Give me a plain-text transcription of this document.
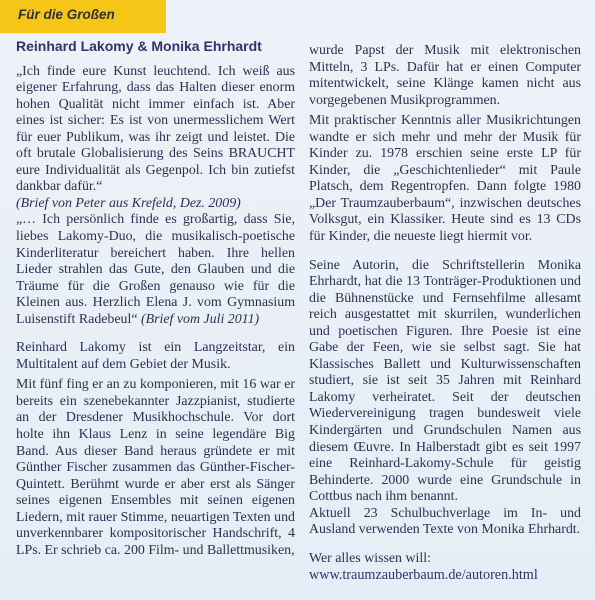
Für die Großen
Reinhard Lakomy & Monika Ehrhardt

„Ich finde eure Kunst leuchtend. Ich weiß aus eigener Erfahrung, dass das Halten dieser enorm hohen Qualität nicht immer einfach ist. Aber eines ist sicher: Es ist von unermesslichem Wert für euer Publikum, was ihr zeigt und leistet. Die oft brutale Globalisierung des Seins BRAUCHT eure Individualität als Gegenpol. Ich bin zutiefst dankbar dafür.“

(Brief von Peter aus Krefeld, Dez. 2009)

„… Ich persönlich finde es großartig, dass Sie, liebes Lakomy-Duo, die musikalisch-poetische Kinderliteratur bereichert haben. Ihre hellen Lieder strahlen das Gute, den Glauben und die Träume für die Großen genauso wie für die Kleinen aus. Herzlich Elena J. vom Gymnasium Luisenstift Radebeul“ (Brief vom Juli 2011)

Reinhard Lakomy ist ein Langzeitstar, ein Multitalent auf dem Gebiet der Musik.

Mit fünf fing er an zu komponieren, mit 16 war er bereits ein szenebekannter Jazzpianist, studierte an der Dresdener Musikhochschule. Vor dort holte ihn Klaus Lenz in seine legendäre Big Band. Aus dieser Band heraus gründete er mit Günther Fischer zusammen das Günther-Fischer-Quintett. Berühmt wurde er aber erst als Sänger seines eigenen Ensembles mit seinen eigenen Liedern, mit rauer Stimme, neuartigen Texten und unverkennbarer kompositorischer Handschrift, 4 LPs. Er schrieb ca. 200 Film- und Ballettmusiken,

wurde Papst der Musik mit elektronischen Mitteln, 3 LPs. Dafür hat er einen Computer mitentwickelt, seine Klänge kamen nicht aus vorgegebenen Musikprogrammen.

Mit praktischer Kenntnis aller Musikrichtungen wandte er sich mehr und mehr der Musik für Kinder zu. 1978 erschien seine erste LP für Kinder, die „Geschichtenlieder“ mit Paule Platsch, dem Regentropfen. Dann folgte 1980 „Der Traumzauberbaum“, inzwischen deutsches Volksgut, ein Klassiker. Heute sind es 13 CDs für Kinder, die neueste liegt hiermit vor.

Seine Autorin, die Schriftstellerin Monika Ehrhardt, hat die 13 Tonträger-Produktionen und die Bühnenstücke und Fernsehfilme allesamt reich ausgestattet mit skurrilen, wunderlichen und poetischen Figuren. Ihre Poesie ist eine Gabe der Feen, wie sie selbst sagt. Sie hat Klassisches Ballett und Kulturwissenschaften studiert, sie ist seit 35 Jahren mit Reinhard Lakomy verheiratet. Seit der deutschen Wiedervereinigung tragen bundesweit viele Kindergärten und Grundschulen Namen aus diesem Œuvre. In Halberstadt gibt es seit 1997 eine Reinhard-Lakomy-Schule für geistig Behinderte. 2000 wurde eine Grundschule in Cottbus nach ihm benannt.

Aktuell 23 Schulbuchverlage im In- und Ausland verwenden Texte von Monika Ehrhardt.

Wer alles wissen will:

www.traumzauberbaum.de/autoren.html
